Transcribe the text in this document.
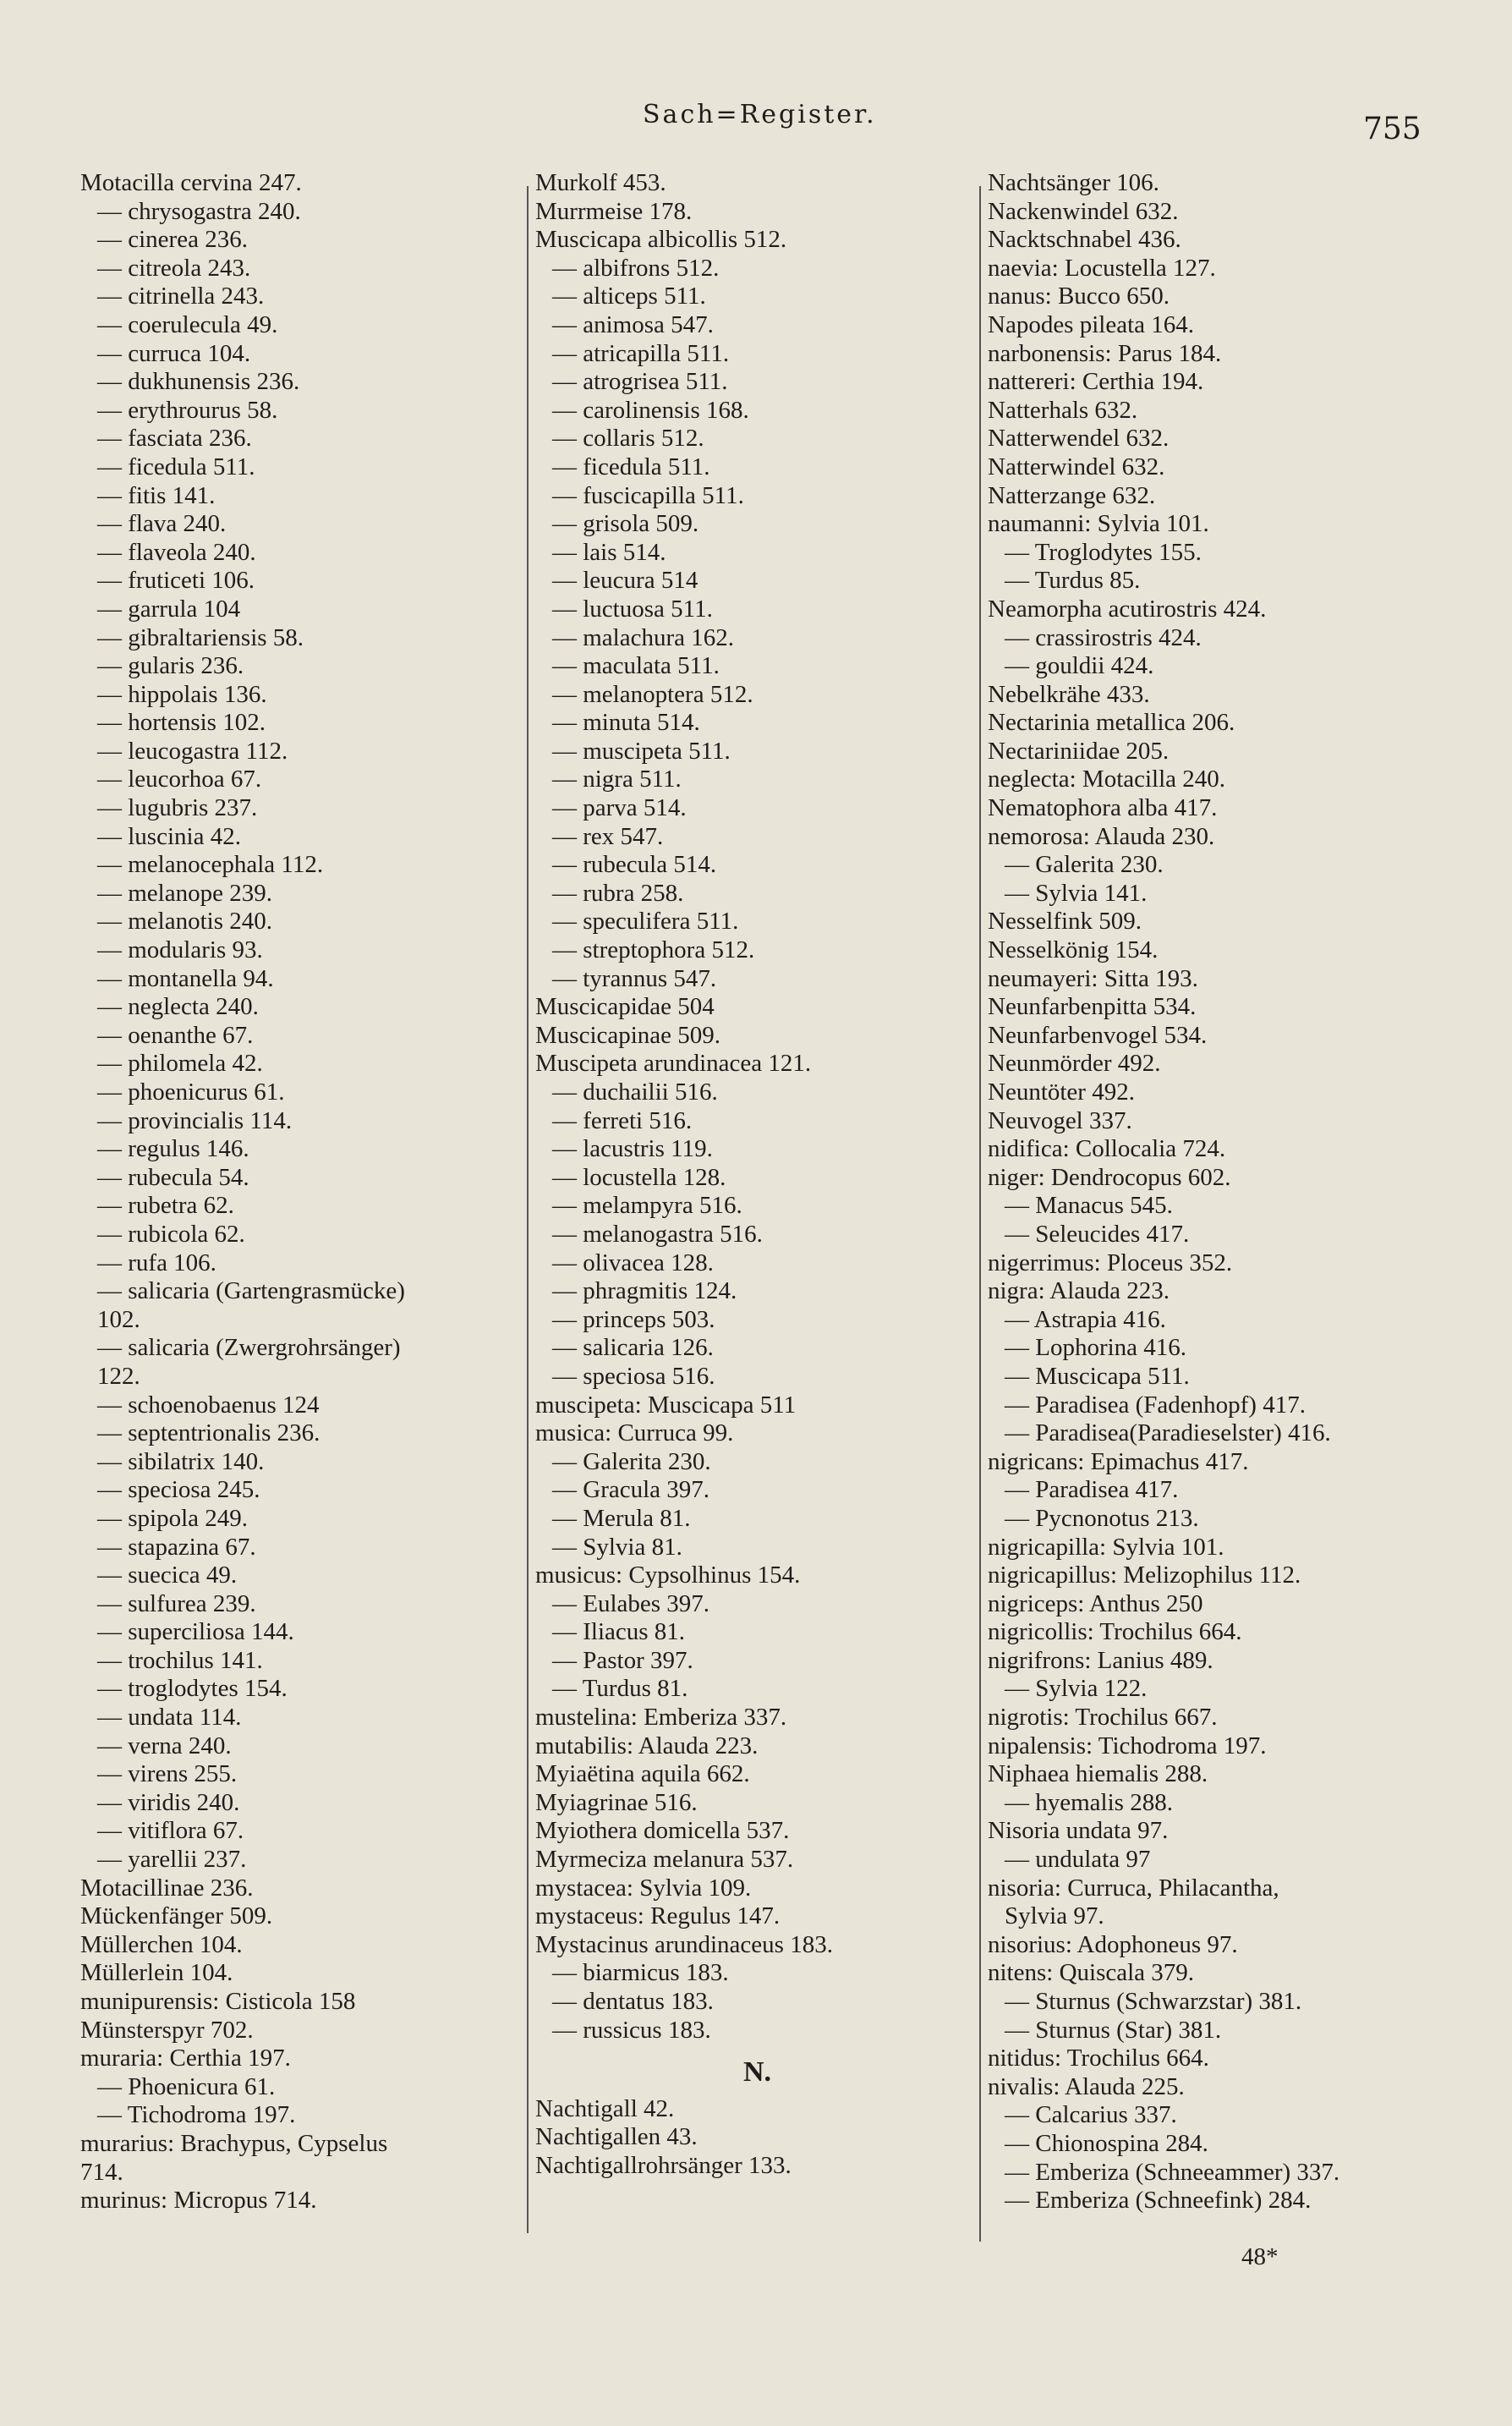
Sach=Register.	755
Motacilla cervina 247.
— chrysogastra 240.
— cinerea 236.
— citreola 243.
— citrinella 243.
— coerulecula 49.
— curruca 104.
— dukhunensis 236.
— erythrourus 58.
— fasciata 236.
— ficedula 511.
— fitis 141.
— flava 240.
— flaveola 240.
— fruticeti 106.
— garrula 104
— gibraltariensis 58.
— gularis 236.
— hippolais 136.
— hortensis 102.
— leucogastra 112.
— leucorhoa 67.
— lugubris 237.
— luscinia 42.
— melanocephala 112.
— melanope 239.
— melanotis 240.
— modularis 93.
— montanella 94.
— neglecta 240.
— oenanthe 67.
— philomela 42.
— phoenicurus 61.
— provincialis 114.
— regulus 146.
— rubecula 54.
— rubetra 62.
— rubicola 62.
— rufa 106.
— salicaria (Gartengrasmücke)
102.
— salicaria (Zwergrohrsänger)
122.
— schoenobaenus 124
— septentrionalis 236.
— sibilatrix 140.
— speciosa 245.
— spipola 249.
— stapazina 67.
— suecica 49.
— sulfurea 239.
— superciliosa 144.
— trochilus 141.
— troglodytes 154.
— undata 114.
— verna 240.
— virens 255.
— viridis 240.
— vitiflora 67.
— yarellii 237.
Motacillinae 236.
Mückenfänger 509.
Müllerchen 104.
Müllerlein 104.
munipurensis: Cisticola 158
Münsterspyr 702.
muraria: Certhia 197.
— Phoenicura 61.
— Tichodroma 197.
murarius: Brachypus, Cypselus
714.
murinus: Micropus 714.
Murkolf 453.
Murrmeise 178.
Muscicapa albicollis 512.
— albifrons 512.
— alticeps 511.
— animosa 547.
— atricapilla 511.
— atrogrisea 511.
— carolinensis 168.
— collaris 512.
— ficedula 511.
— fuscicapilla 511.
— grisola 509.
— lais 514.
— leucura 514
— luctuosa 511.
— malachura 162.
— maculata 511.
— melanoptera 512.
— minuta 514.
— muscipeta 511.
— nigra 511.
— parva 514.
— rex 547.
— rubecula 514.
— rubra 258.
— speculifera 511.
— streptophora 512.
— tyrannus 547.
Muscicapidae 504
Muscicapinae 509.
Muscipeta arundinacea 121.
— duchailii 516.
— ferreti 516.
— lacustris 119.
— locustella 128.
— melampyra 516.
— melanogastra 516.
— olivacea 128.
— phragmitis 124.
— princeps 503.
— salicaria 126.
— speciosa 516.
muscipeta: Muscicapa 511
musica: Curruca 99.
— Galerita 230.
— Gracula 397.
— Merula 81.
— Sylvia 81.
musicus: Cypsolhinus 154.
— Eulabes 397.
— Iliacus 81.
— Pastor 397.
— Turdus 81.
mustelina: Emberiza 337.
mutabilis: Alauda 223.
Myiaëtina aquila 662.
Myiagrinae 516.
Myiothera domicella 537.
Myrmeciza melanura 537.
mystacea: Sylvia 109.
mystaceus: Regulus 147.
Mystacinus arundinaceus 183.
— biarmicus 183.
— dentatus 183.
— russicus 183.
N.
Nachtigall 42.
Nachtigallen 43.
Nachtigallrohrsänger 133.
Nachtsänger 106.
Nackenwindel 632.
Nacktschnabel 436.
naevia: Locustella 127.
nanus: Bucco 650.
Napodes pileata 164.
narbonensis: Parus 184.
nattereri: Certhia 194.
Natterhals 632.
Natterwendel 632.
Natterwindel 632.
Natterzange 632.
naumanni: Sylvia 101.
— Troglodytes 155.
— Turdus 85.
Neamorpha acutirostris 424.
— crassirostris 424.
— gouldii 424.
Nebelkrähe 433.
Nectarinia metallica 206.
Nectariniidae 205.
neglecta: Motacilla 240.
Nematophora alba 417.
nemorosa: Alauda 230.
— Galerita 230.
— Sylvia 141.
Nesselfink 509.
Nesselkönig 154.
neumayeri: Sitta 193.
Neunfarbenpitta 534.
Neunfarbenvogel 534.
Neunmörder 492.
Neuntöter 492.
Neuvogel 337.
nidifica: Collocalia 724.
niger: Dendrocopus 602.
— Manacus 545.
— Seleucides 417.
nigerrimus: Ploceus 352.
nigra: Alauda 223.
— Astrapia 416.
— Lophorina 416.
— Muscicapa 511.
— Paradisea (Fadenhopf) 417.
— Paradisea(Paradieselster) 416.
nigricans: Epimachus 417.
— Paradisea 417.
— Pycnonotus 213.
nigricapilla: Sylvia 101.
nigricapillus: Melizophilus 112.
nigriceps: Anthus 250
nigricollis: Trochilus 664.
nigrifrons: Lanius 489.
— Sylvia 122.
nigrotis: Trochilus 667.
nipalensis: Tichodroma 197.
Niphaea hiemalis 288.
— hyemalis 288.
Nisoria undata 97.
— undulata 97
nisoria: Curruca, Philacantha,
Sylvia 97.
nisorius: Adophoneus 97.
nitens: Quiscala 379.
— Sturnus (Schwarzstar) 381.
— Sturnus (Star) 381.
nitidus: Trochilus 664.
nivalis: Alauda 225.
— Calcarius 337.
— Chionospina 284.
— Emberiza (Schneeammer) 337.
— Emberiza (Schneefink) 284.
48*
